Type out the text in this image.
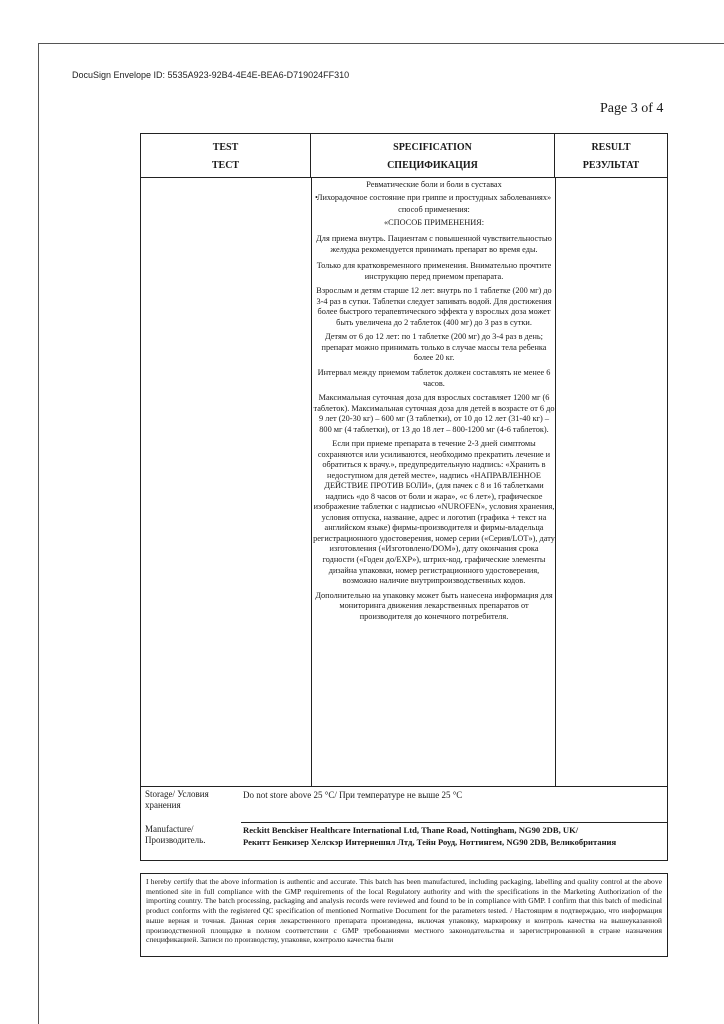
DocuSign Envelope ID: 5535A923-92B4-4E4E-BEA6-D719024FF310
Page 3 of 4
TEST
ТЕСТ
SPECIFICATION
СПЕЦИФИКАЦИЯ
RESULT
РЕЗУЛЬТАТ

Ревматические боли и боли в суставах

• Лихорадочное состояние при гриппе и простудных заболеваниях»

способ применения:

«СПОСОБ ПРИМЕНЕНИЯ:

Для приема внутрь. Пациентам с повышенной чувствительностью желудка рекомендуется принимать препарат во время еды.

Только для кратковременного применения. Внимательно прочтите инструкцию перед приемом препарата.

Взрослым и детям старше 12 лет: внутрь по 1 таблетке (200 мг) до 3-4 раз в сутки. Таблетки следует запивать водой. Для достижения более быстрого терапевтического эффекта у взрослых доза может быть увеличена до 2 таблеток (400 мг) до 3 раз в сутки.

Детям от 6 до 12 лет: по 1 таблетке (200 мг) до 3-4 раз в день; препарат можно принимать только в случае массы тела ребенка более 20 кг.

Интервал между приемом таблеток должен составлять не менее 6 часов.

Максимальная суточная доза для взрослых составляет 1200 мг (6 таблеток). Максимальная суточная доза для детей в возрасте от 6 до 9 лет (20-30 кг) – 600 мг (3 таблетки), от 10 до 12 лет (31-40 кг) – 800 мг (4 таблетки), от 13 до 18 лет – 800-1200 мг (4-6 таблеток).

Если при приеме препарата в течение 2-3 дней симптомы сохраняются или усиливаются, необходимо прекратить лечение и обратиться к врачу.», предупредительную надпись: «Хранить в недоступном для детей месте», надпись «НАПРАВЛЕННОЕ ДЕЙСТВИЕ ПРОТИВ БОЛИ», (для пачек с 8 и 16 таблетками надпись «до 8 часов от боли и жара», «с 6 лет»), графическое изображение таблетки с надписью «NUROFEN», условия хранения, условия отпуска, название, адрес и логотип (графика + текст на английском языке) фирмы-производителя и фирмы-владельца регистрационного удостоверения, номер серии («Серия/LOT»), дату изготовления («Изготовлено/DOM»), дату окончания срока годности («Годен до/EXP»), штрих-код, графические элементы дизайна упаковки, номер регистрационного удостоверения, возможно наличие внутрипроизводственных кодов.

Дополнительно на упаковку может быть нанесена информация для мониторинга движения лекарственных препаратов от производителя до конечного потребителя.

Storage/ Условия хранения
Do not store above 25 °C/ При температуре не выше 25 °C
Manufacture/ Производитель.
Reckitt Benckiser Healthcare International Ltd, Thane Road, Nottingham, NG90 2DB, UK/
Рекитт Бенкизер Хелскэр Интернешнл Лтд, Тейн Роуд, Ноттингем, NG90 2DB, Великобритания
I hereby certify that the above information is authentic and accurate. This batch has been manufactured, including packaging, labelling and quality control at the above mentioned site in full compliance with the GMP requirements of the local Regulatory authority and with the specifications in the Marketing Authorization of the importing country. The batch processing, packaging and analysis records were reviewed and found to be in compliance with GMP. I confirm that this batch of medicinal product conforms with the registered QC specification of mentioned Normative Document for the parameters tested. / Настоящим я подтверждаю, что информация выше верная и точная. Данная серия лекарственного препарата произведена, включая упаковку, маркировку и контроль качества на вышеуказанной производственной площадке в полном соответствии с GMP требованиями местного законодательства и зарегистрированной в стране назначения спецификацией. Записи по производству, упаковке, контролю качества были
